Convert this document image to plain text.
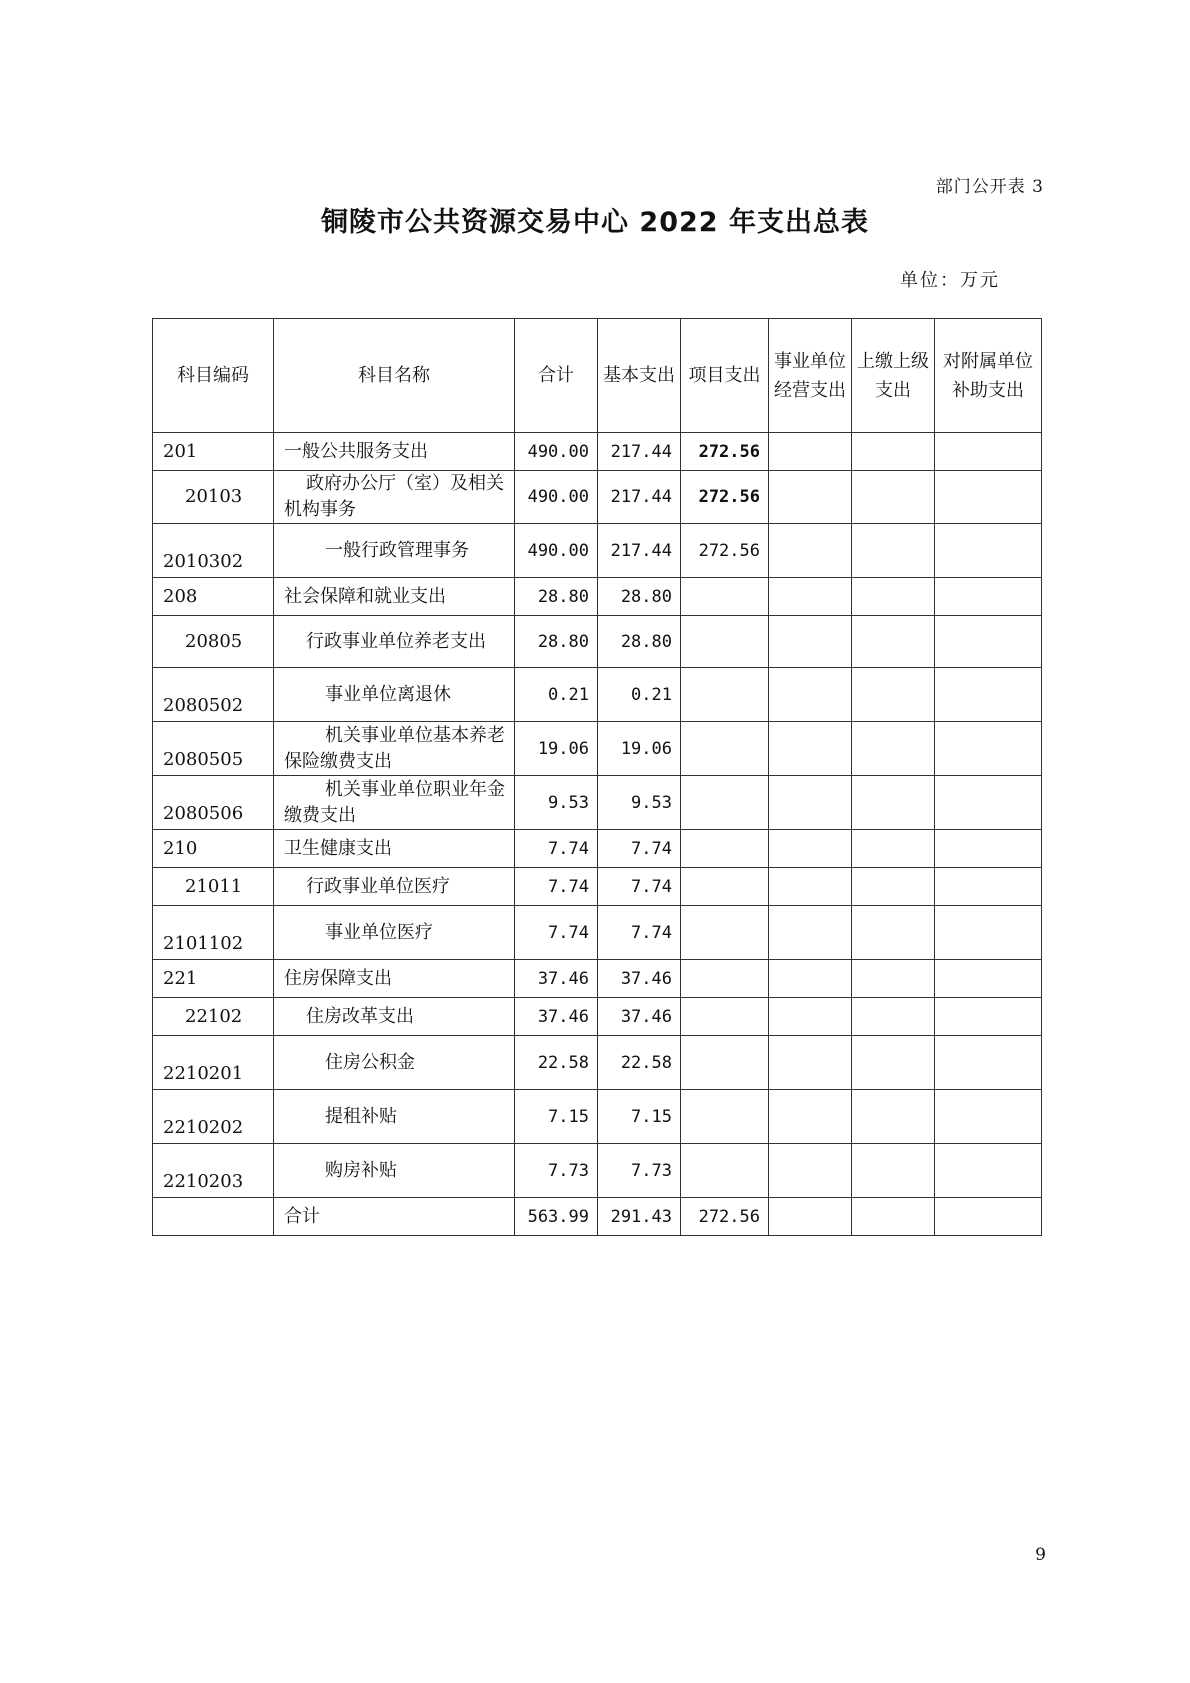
部门公开表 3
铜陵市公共资源交易中心 2022 年支出总表
单位：万元
科目编码	科目名称	合计	基本支出	项目支出	事业单位经营支出	上缴上级支出	对附属单位补助支出
201	一般公共服务支出	490.00	217.44	272.56			
20103	政府办公厅（室）及相关机构事务	490.00	217.44	272.56			
2010302	一般行政管理事务	490.00	217.44	272.56			
208	社会保障和就业支出	28.80	28.80				
20805	行政事业单位养老支出	28.80	28.80				
2080502	事业单位离退休	0.21	0.21				
2080505	机关事业单位基本养老保险缴费支出	19.06	19.06				
2080506	机关事业单位职业年金缴费支出	9.53	9.53				
210	卫生健康支出	7.74	7.74				
21011	行政事业单位医疗	7.74	7.74				
2101102	事业单位医疗	7.74	7.74				
221	住房保障支出	37.46	37.46				
22102	住房改革支出	37.46	37.46				
2210201	住房公积金	22.58	22.58				
2210202	提租补贴	7.15	7.15				
2210203	购房补贴	7.73	7.73				
	合计	563.99	291.43	272.56			
9
